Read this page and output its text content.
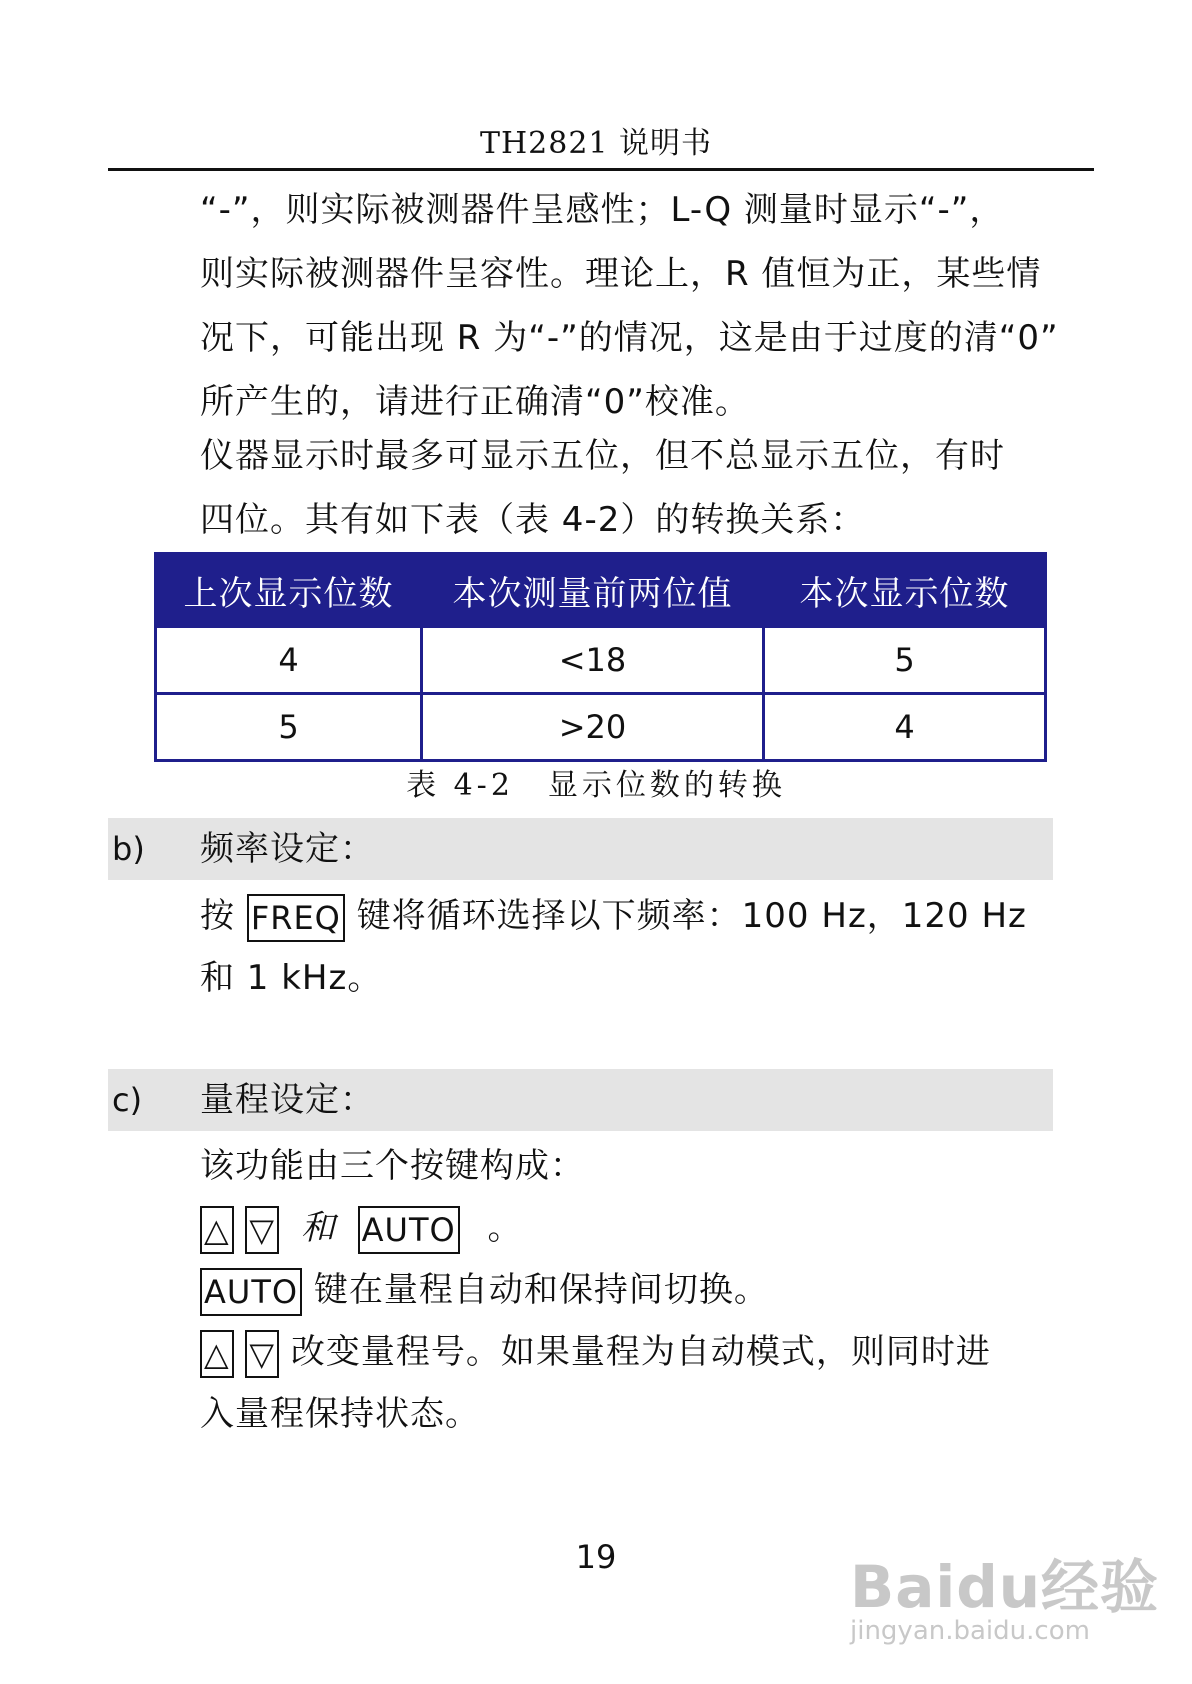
TH2821 说明书

“-”，则实际被测器件呈感性；L-Q 测量时显示“-”，

则实际被测器件呈容性。理论上，R 值恒为正，某些情

况下，可能出现 R 为“-”的情况，这是由于过度的清“0”

所产生的，请进行正确清“0”校准。

仪器显示时最多可显示五位，但不总显示五位，有时

四位。其有如下表（表 4-2）的转换关系：

上次显示位数	本次测量前两位值	本次显示位数
4	<18	5
5	>20	4
表 4-2　显示位数的转换
b) 频率设定：
按 FREQ 键将循环选择以下频率：100 Hz，120 Hz
和 1 kHz。
c) 量程设定：
该功能由三个按键构成：
△ ▽ 和 AUTO 。
AUTO 键在量程自动和保持间切换。
△ ▽ 改变量程号。如果量程为自动模式，则同时进
入量程保持状态。
19	Baidu经验
jingyan.baidu.com
